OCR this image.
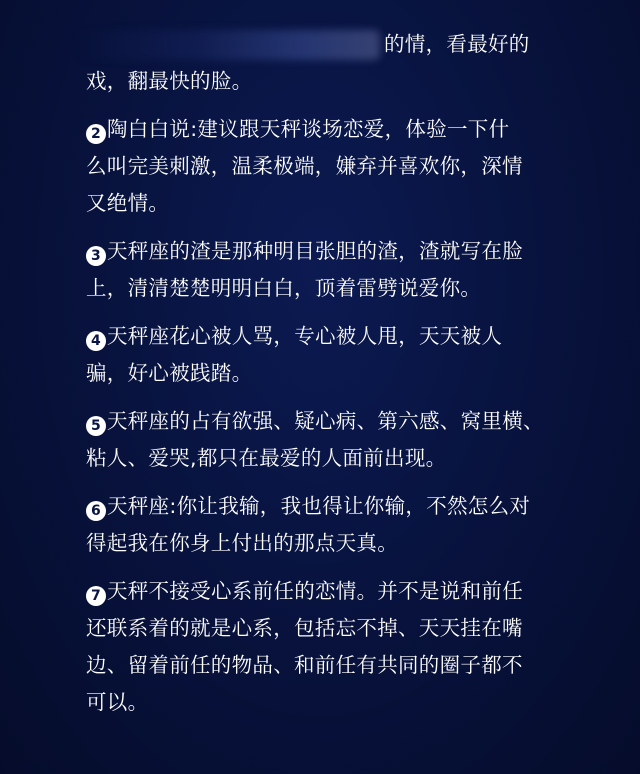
的情，看最好的
戏，翻最快的脸。
2 陶白白说:建议跟天秤谈场恋爱，体验一下什
么叫完美刺激，温柔极端，嫌弃并喜欢你，深情
又绝情。
3 天秤座的渣是那种明目张胆的渣，渣就写在脸
上，清清楚楚明明白白，顶着雷劈说爱你。
4 天秤座花心被人骂，专心被人甩，天天被人
骗，好心被践踏。
5 天秤座的占有欲强、疑心病、第六感、窝里横、
粘人、爱哭,都只在最爱的人面前出现。
6 天秤座:你让我输，我也得让你输，不然怎么对
得起我在你身上付出的那点天真。
7 天秤不接受心系前任的恋情。并不是说和前任
还联系着的就是心系，包括忘不掉、天天挂在嘴
边、留着前任的物品、和前任有共同的圈子都不
可以。
